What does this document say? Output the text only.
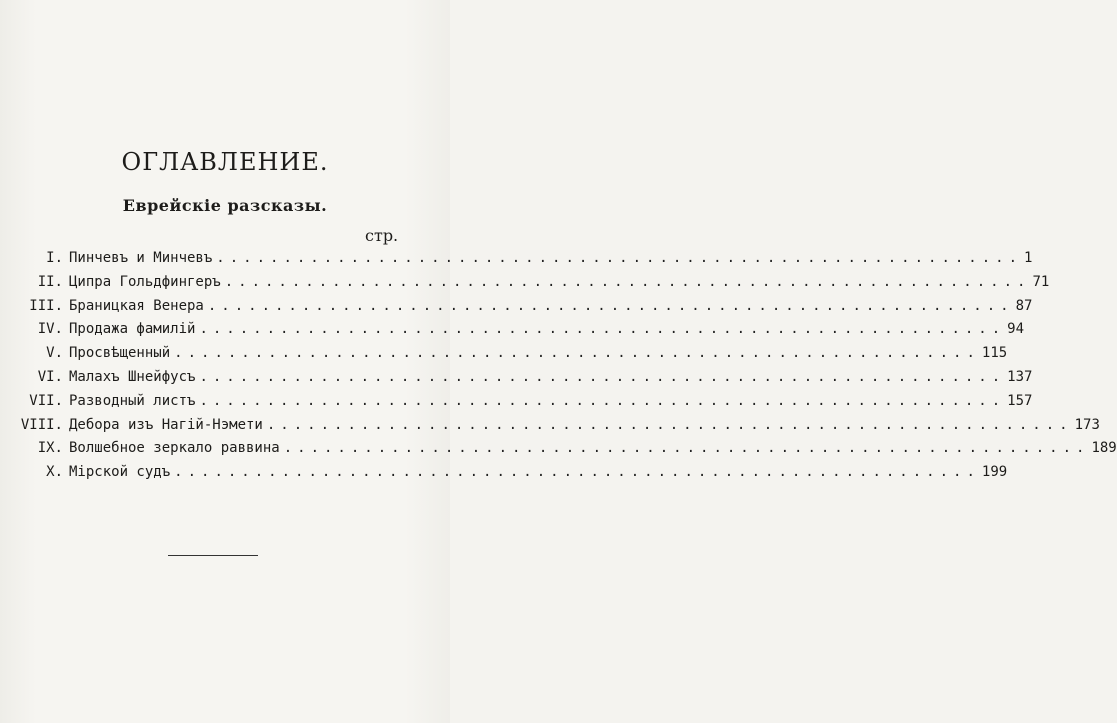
ОГЛАВЛЕНИЕ.
Еврейскiе разсказы.
стр.
I. Пинчевъ и Минчевъ ............................................................ 1
II. Ципра Гольдфингеръ ............................................................ 71
III. Браницкая Венера ............................................................ 87
IV. Продажа фамилiй ............................................................ 94
V. Просвѣщенный ............................................................ 115
VI. Малахъ Шнейфусъ ............................................................ 137
VII. Разводный листъ ............................................................ 157
VIII. Дебора изъ Нагiй-Нэмети ............................................................ 173
IX. Волшебное зеркало раввина ............................................................ 189
X. Мiрской судъ ............................................................ 199
